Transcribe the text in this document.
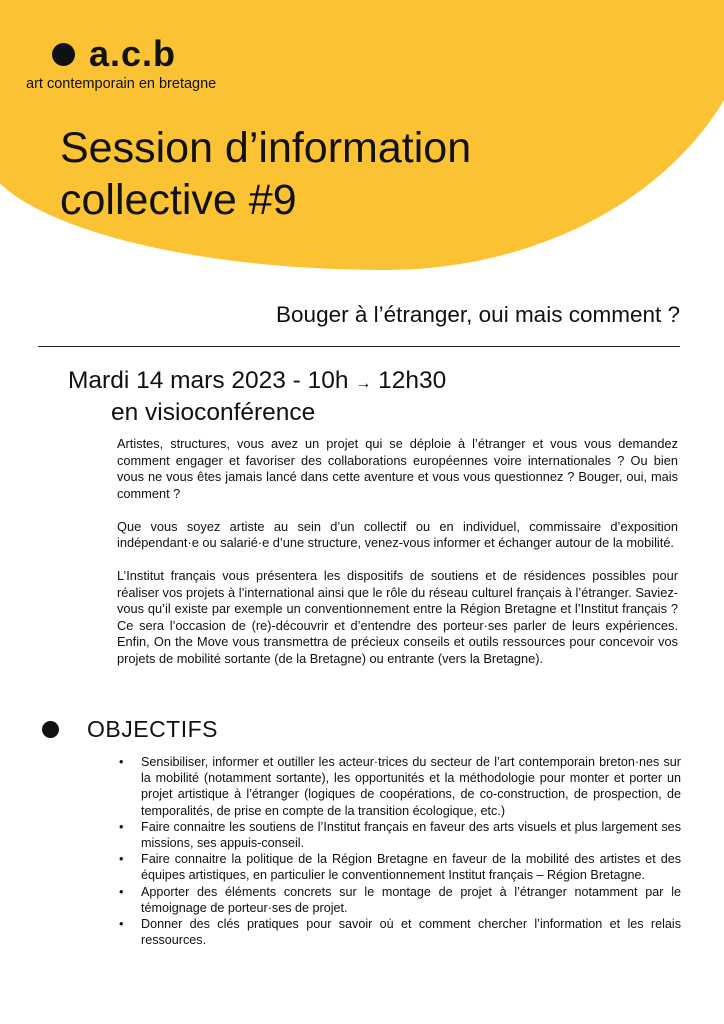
a.c.b
art contemporain en bretagne
Session d’information
collective #9
Bouger à l’étranger, oui mais comment ?
Mardi 14 mars 2023 - 10h → 12h30
en visioconférence

Artistes, structures, vous avez un projet qui se déploie à l’étranger et vous vous demandez comment engager et favoriser des collaborations européennes voire internationales ? Ou bien vous ne vous êtes jamais lancé dans cette aventure et vous vous questionnez ? Bouger, oui, mais comment ?

Que vous soyez artiste au sein d’un collectif ou en individuel, commissaire d’exposition indépendant·e ou salarié·e d’une structure, venez-vous informer et échanger autour de la mobilité.

L’Institut français vous présentera les dispositifs de soutiens et de résidences possibles pour réaliser vos projets à l’international ainsi que le rôle du réseau culturel français à l’étranger. Saviez-vous qu’il existe par exemple un conventionnement entre la Région Bretagne et l’Institut français ? Ce sera l’occasion de (re)-découvrir et d’entendre des porteur·ses parler de leurs expériences. Enfin, On the Move vous transmettra de précieux conseils et outils ressources pour concevoir vos projets de mobilité sortante (de la Bretagne) ou entrante (vers la Bretagne).

OBJECTIFS
• Sensibiliser, informer et outiller les acteur·trices du secteur de l’art contemporain breton·nes sur la mobilité (notamment sortante), les opportunités et la méthodologie pour monter et porter un projet artistique à l’étranger (logiques de coopérations, de co-construction, de prospection, de temporalités, de prise en compte de la transition écologique, etc.)
• Faire connaitre les soutiens de l’Institut français en faveur des arts visuels et plus largement ses missions, ses appuis-conseil.
• Faire connaitre la politique de la Région Bretagne en faveur de la mobilité des artistes et des équipes artistiques, en particulier le conventionnement Institut français – Région Bretagne.
• Apporter des éléments concrets sur le montage de projet à l’étranger notamment par le témoignage de porteur·ses de projet.
• Donner des clés pratiques pour savoir où et comment chercher l’information et les relais ressources.
